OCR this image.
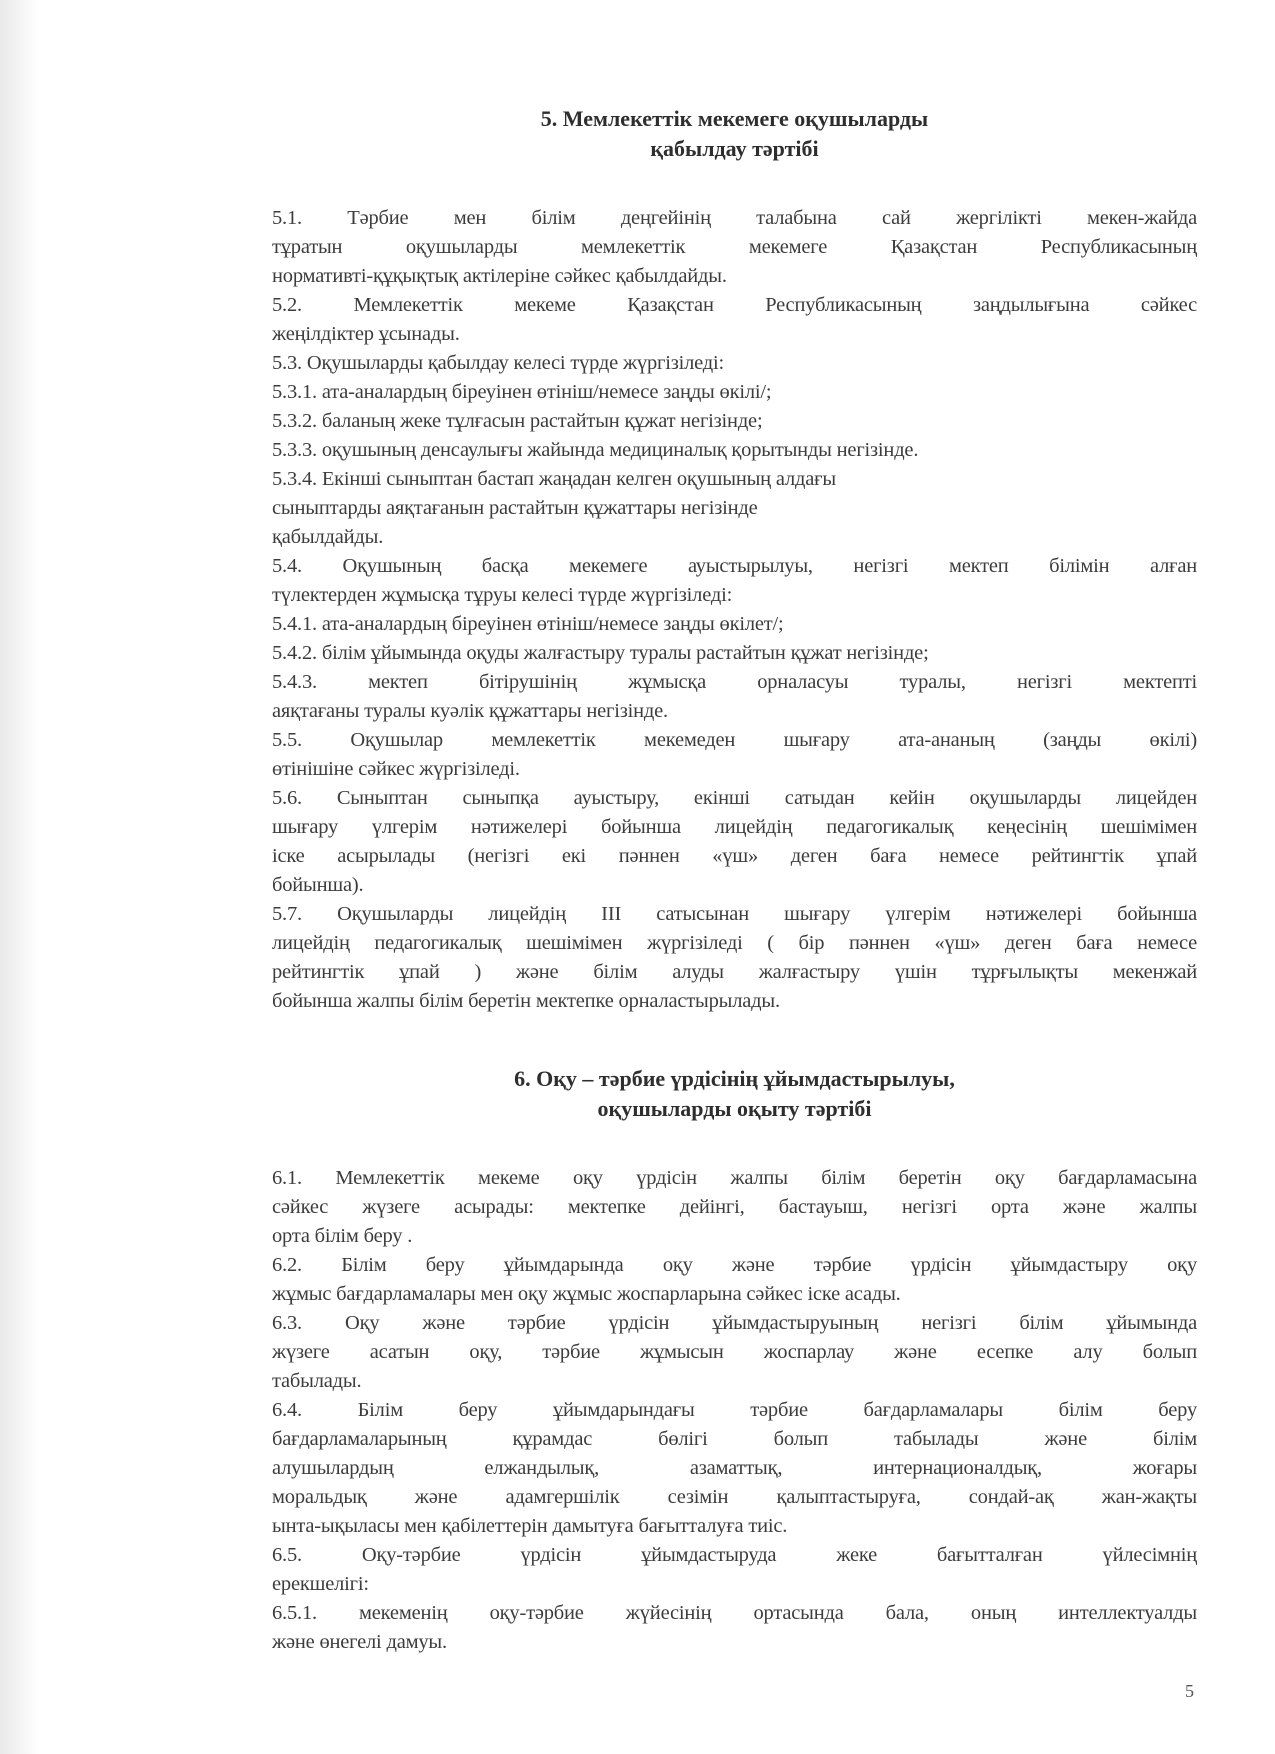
5. Мемлекеттік мекемеге оқушыларды
қабылдау тәртібі
5.1. Тәрбие мен білім деңгейінің талабына сай жергілікті мекен-жайда
тұратын оқушыларды мемлекеттік мекемеге Қазақстан Республикасының
нормативті-құқықтық актілеріне сәйкес қабылдайды.
5.2. Мемлекеттік мекеме Қазақстан Республикасының заңдылығына сәйкес
жеңілдіктер ұсынады.
5.3. Оқушыларды қабылдау келесі түрде жүргізіледі:
5.3.1. ата-аналардың біреуінен өтініш/немесе заңды өкілі/;
5.3.2. баланың жеке тұлғасын растайтын құжат негізінде;
5.3.3. оқушының денсаулығы жайында медициналық қорытынды негізінде.
5.3.4. Екінші сыныптан бастап жаңадан келген оқушының алдағы
сыныптарды аяқтағанын растайтын құжаттары негізінде
қабылдайды.
5.4. Оқушының басқа мекемеге ауыстырылуы, негізгі мектеп білімін алған
түлектерден жұмысқа тұруы келесі түрде жүргізіледі:
5.4.1. ата-аналардың біреуінен өтініш/немесе заңды өкілет/;
5.4.2. білім ұйымында оқуды жалғастыру туралы растайтын құжат негізінде;
5.4.3. мектеп бітірушінің жұмысқа орналасуы туралы, негізгі мектепті
аяқтағаны туралы куәлік құжаттары негізінде.
5.5. Оқушылар мемлекеттік мекемеден шығару ата-ананың (заңды өкілі)
өтінішіне сәйкес жүргізіледі.
5.6. Сыныптан сыныпқа ауыстыру, екінші сатыдан кейін оқушыларды лицейден
шығару үлгерім нәтижелері бойынша лицейдің педагогикалық кеңесінің шешімімен
іске асырылады (негізгі екі пәннен «үш» деген баға немесе рейтингтік ұпай
бойынша).
5.7. Оқушыларды лицейдің III сатысынан шығару үлгерім нәтижелері бойынша
лицейдің педагогикалық шешімімен жүргізіледі ( бір пәннен «үш» деген баға немесе
рейтингтік ұпай ) және білім алуды жалғастыру үшін тұрғылықты мекенжай
бойынша жалпы білім беретін мектепке орналастырылады.
6. Оқу – тәрбие үрдісінің ұйымдастырылуы,
оқушыларды оқыту тәртібі
6.1. Мемлекеттік мекеме оқу үрдісін жалпы білім беретін оқу бағдарламасына
сәйкес жүзеге асырады: мектепке дейінгі, бастауыш, негізгі орта және жалпы
орта білім беру .
6.2. Білім беру ұйымдарында оқу және тәрбие үрдісін ұйымдастыру оқу
жұмыс бағдарламалары мен оқу жұмыс жоспарларына сәйкес іске асады.
6.3. Оқу және тәрбие үрдісін ұйымдастыруының негізгі білім ұйымында
жүзеге асатын оқу, тәрбие жұмысын жоспарлау және есепке алу болып
табылады.
6.4. Білім беру ұйымдарындағы тәрбие бағдарламалары білім беру
бағдарламаларының құрамдас бөлігі болып табылады және білім
алушылардың елжандылық, азаматтық, интернационалдық, жоғары
моральдық және адамгершілік сезімін қалыптастыруға, сондай-ақ жан-жақты
ынта-ықыласы мен қабілеттерін дамытуға бағытталуға тиіс.
6.5. Оқу-тәрбие үрдісін ұйымдастыруда жеке бағытталған үйлесімнің
ерекшелігі:
6.5.1. мекеменің оқу-тәрбие жүйесінің ортасында бала, оның интеллектуалды
және өнегелі дамуы.
5
